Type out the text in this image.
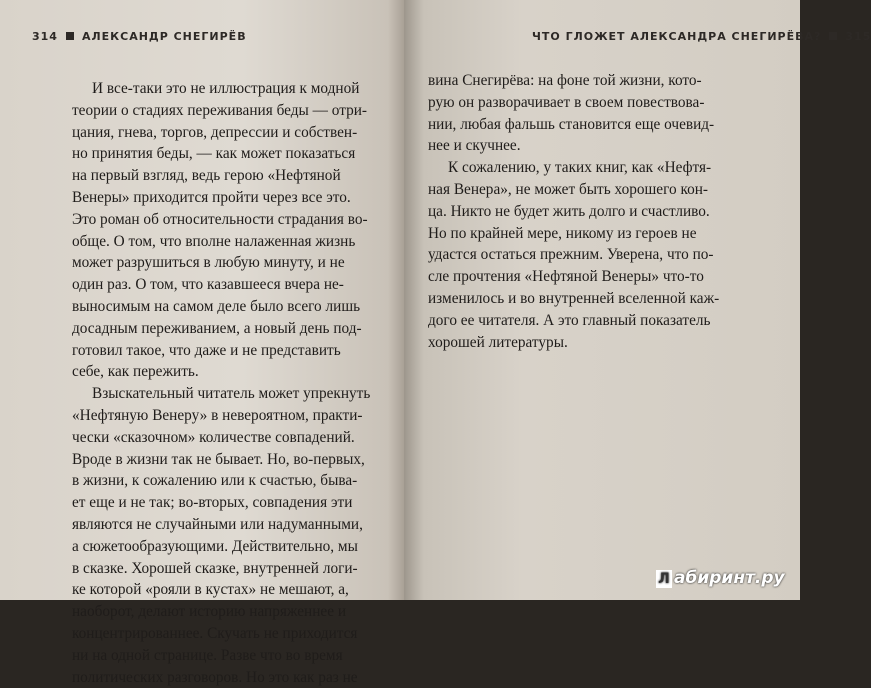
314 АЛЕКСАНДР СНЕГИРЁВ
И все-таки это не иллюстрация к модной
теории о стадиях переживания беды — отри-
цания, гнева, торгов, депрессии и собствен-
но принятия беды, — как может показаться
на первый взгляд, ведь герою «Нефтяной
Венеры» приходится пройти через все это.
Это роман об относительности страдания во-
обще. О том, что вполне налаженная жизнь
может разрушиться в любую минуту, и не
один раз. О том, что казавшееся вчера не-
выносимым на самом деле было всего лишь
досадным переживанием, а новый день под-
готовил такое, что даже и не представить
себе, как пережить.
Взыскательный читатель может упрекнуть
«Нефтяную Венеру» в невероятном, практи-
чески «сказочном» количестве совпадений.
Вроде в жизни так не бывает. Но, во-первых,
в жизни, к сожалению или к счастью, быва-
ет еще и не так; во-вторых, совпадения эти
являются не случайными или надуманными,
а сюжетообразующими. Действительно, мы
в сказке. Хорошей сказке, внутренней логи-
ке которой «рояли в кустах» не мешают, а,
наоборот, делают историю напряженнее и
концентрированнее. Скучать не приходится
ни на одной странице. Разве что во время
политических разговоров. Но это как раз не
ЧТО ГЛОЖЕТ АЛЕКСАНДРА СНЕГИРЁВА? 315
вина Снегирёва: на фоне той жизни, кото-
рую он разворачивает в своем повествова-
нии, любая фальшь становится еще очевид-
нее и скучнее.
К сожалению, у таких книг, как «Нефтя-
ная Венера», не может быть хорошего кон-
ца. Никто не будет жить долго и счастливо.
Но по крайней мере, никому из героев не
удастся остаться прежним. Уверена, что по-
сле прочтения «Нефтяной Венеры» что-то
изменилось и во внутренней вселенной каж-
дого ее читателя. А это главный показатель
хорошей литературы.
Л абиринт.ру
